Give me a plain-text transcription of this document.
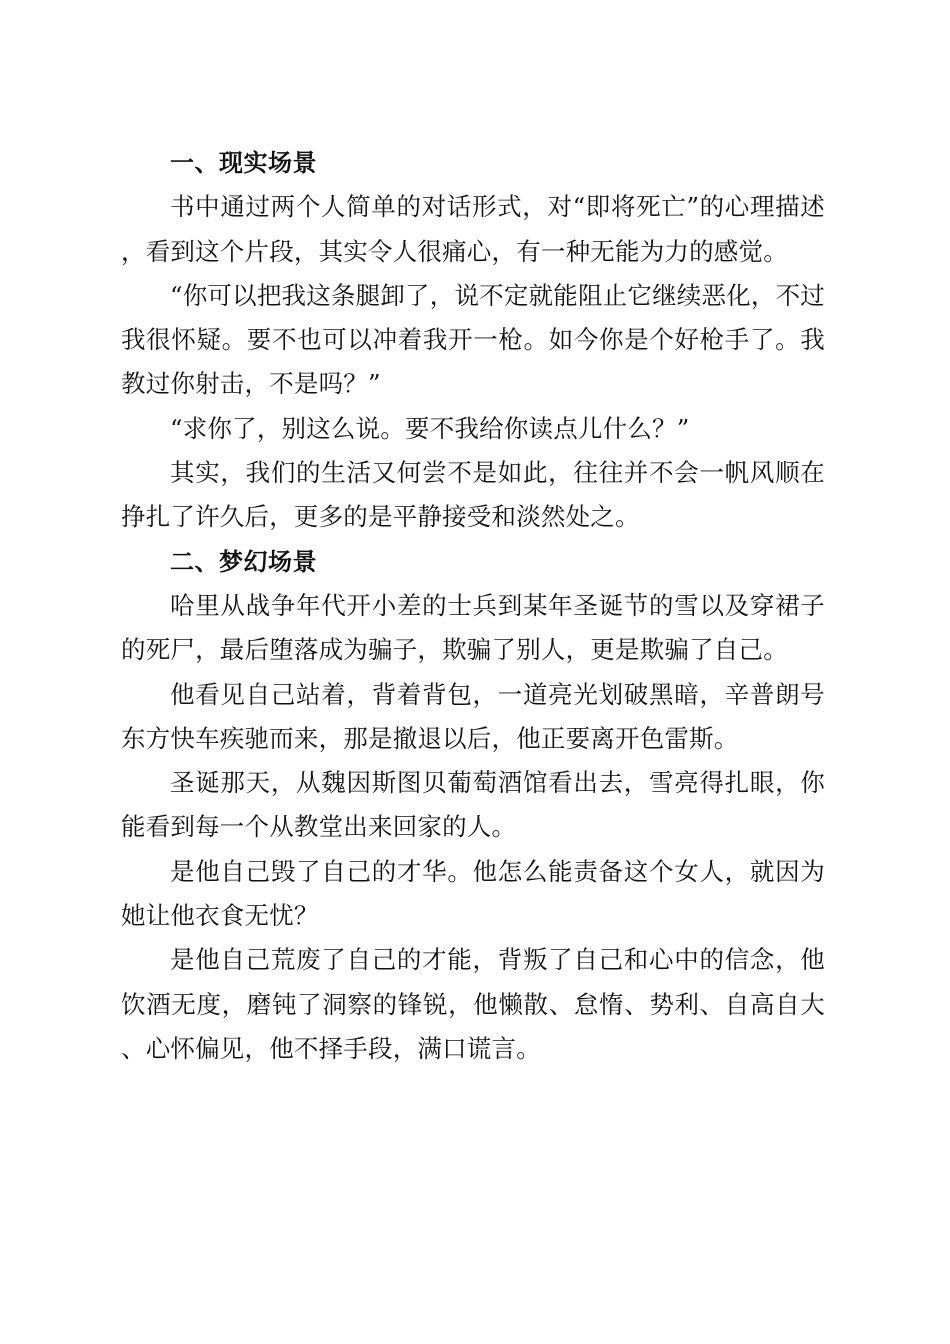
一、现实场景

书中通过两个人简单的对话形式，对“即将死亡”的心理描述，看到这个片段，其实令人很痛心，有一种无能为力的感觉。

“你可以把我这条腿卸了，说不定就能阻止它继续恶化，不过我很怀疑。要不也可以冲着我开一枪。如今你是个好枪手了。我教过你射击，不是吗？”

“求你了，别这么说。要不我给你读点儿什么？”

其实，我们的生活又何尝不是如此，往往并不会一帆风顺在挣扎了许久后，更多的是平静接受和淡然处之。

二、梦幻场景

哈里从战争年代开小差的士兵到某年圣诞节的雪以及穿裙子的死尸，最后堕落成为骗子，欺骗了别人，更是欺骗了自己。

他看见自己站着，背着背包，一道亮光划破黑暗，辛普朗号东方快车疾驰而来，那是撤退以后，他正要离开色雷斯。

圣诞那天，从魏因斯图贝葡萄酒馆看出去，雪亮得扎眼，你能看到每一个从教堂出来回家的人。

是他自己毁了自己的才华。他怎么能责备这个女人，就因为她让他衣食无忧？

是他自己荒废了自己的才能，背叛了自己和心中的信念，他饮酒无度，磨钝了洞察的锋锐，他懒散、怠惰、势利、自高自大、心怀偏见，他不择手段，满口谎言。
